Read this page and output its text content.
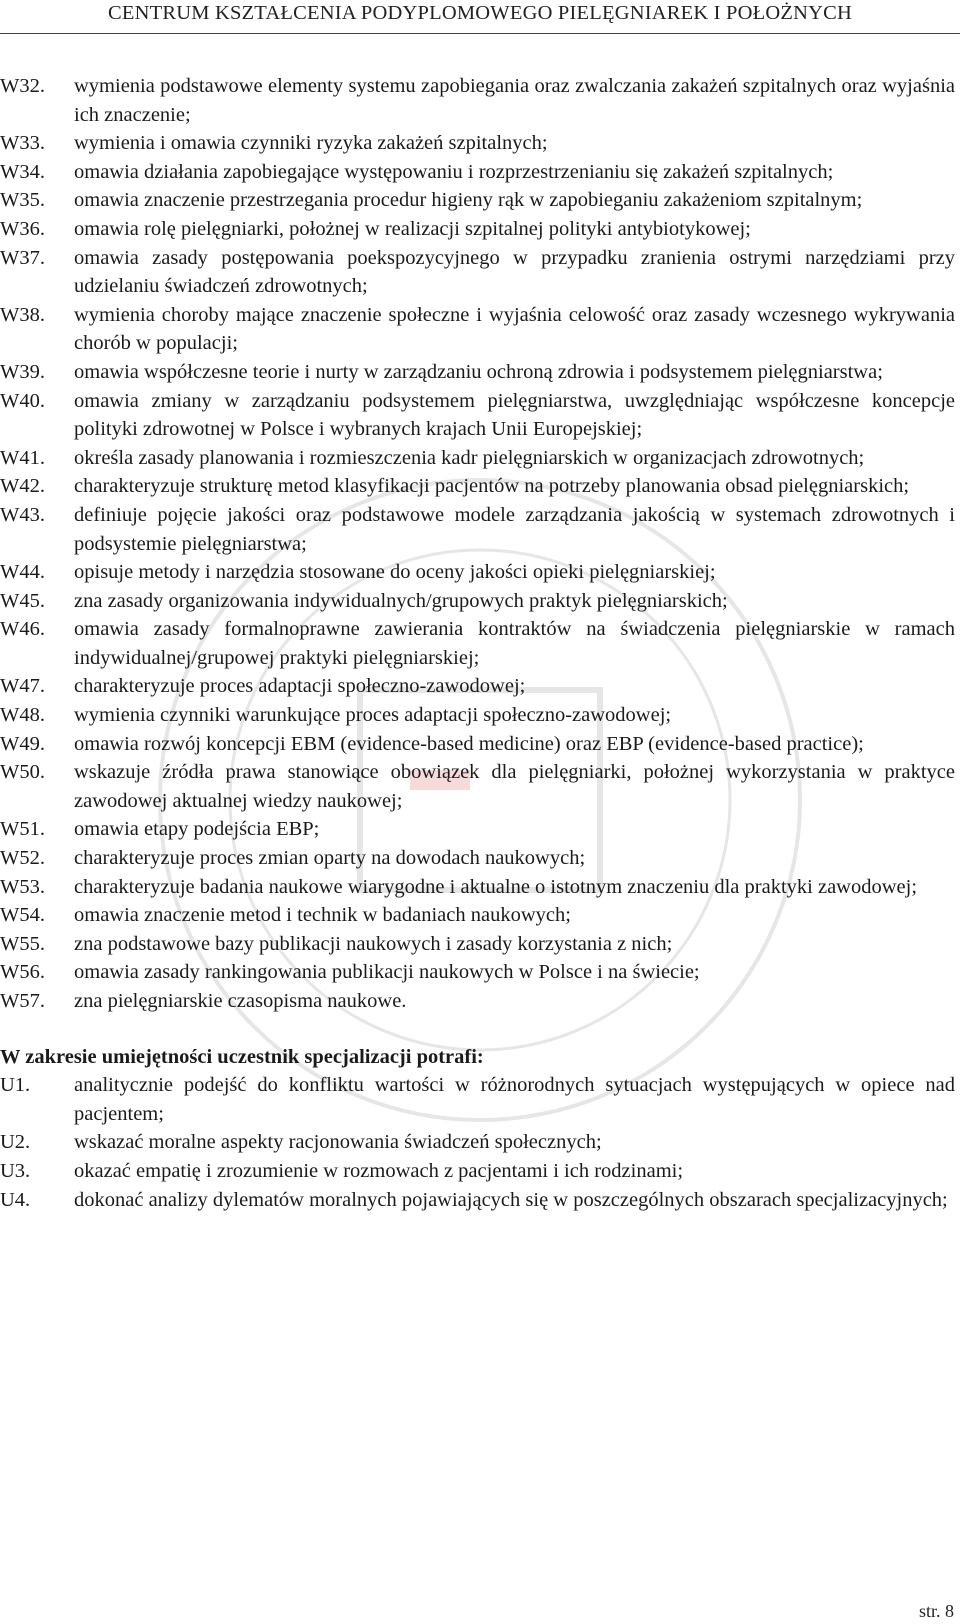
CENTRUM KSZTAŁCENIA PODYPLOMOWEGO PIELĘGNIAREK I POŁOŻNYCH
W32.	wymienia podstawowe elementy systemu zapobiegania oraz zwalczania zakażeń szpitalnych oraz wyjaśnia ich znaczenie;
W33.	wymienia i omawia czynniki ryzyka zakażeń szpitalnych;
W34.	omawia działania zapobiegające występowaniu i rozprzestrzenianiu się zakażeń szpitalnych;
W35.	omawia znaczenie przestrzegania procedur higieny rąk w zapobieganiu zakażeniom szpitalnym;
W36.	omawia rolę pielęgniarki, położnej w realizacji szpitalnej polityki antybiotykowej;
W37.	omawia zasady postępowania poekspozycyjnego w przypadku zranienia ostrymi narzędziami przy udzielaniu świadczeń zdrowotnych;
W38.	wymienia choroby mające znaczenie społeczne i wyjaśnia celowość oraz zasady wczesnego wykrywania chorób w populacji;
W39.	omawia współczesne teorie i nurty w zarządzaniu ochroną zdrowia i podsystemem pielęgniarstwa;
W40.	omawia zmiany w zarządzaniu podsystemem pielęgniarstwa, uwzględniając współczesne koncepcje polityki zdrowotnej w Polsce i wybranych krajach Unii Europejskiej;
W41.	określa zasady planowania i rozmieszczenia kadr pielęgniarskich w organizacjach zdrowotnych;
W42.	charakteryzuje strukturę metod klasyfikacji pacjentów na potrzeby planowania obsad pielęgniarskich;
W43.	definiuje pojęcie jakości oraz podstawowe modele zarządzania jakością w systemach zdrowotnych i podsystemie pielęgniarstwa;
W44.	opisuje metody i narzędzia stosowane do oceny jakości opieki pielęgniarskiej;
W45.	zna zasady organizowania indywidualnych/grupowych praktyk pielęgniarskich;
W46.	omawia zasady formalnoprawne zawierania kontraktów na świadczenia pielęgniarskie w ramach indywidualnej/grupowej praktyki pielęgniarskiej;
W47.	charakteryzuje proces adaptacji społeczno-zawodowej;
W48.	wymienia czynniki warunkujące proces adaptacji społeczno-zawodowej;
W49.	omawia rozwój koncepcji EBM (evidence-based medicine) oraz EBP (evidence-based practice);
W50.	wskazuje źródła prawa stanowiące obowiązek dla pielęgniarki, położnej wykorzystania w praktyce zawodowej aktualnej wiedzy naukowej;
W51.	omawia etapy podejścia EBP;
W52.	charakteryzuje proces zmian oparty na dowodach naukowych;
W53.	charakteryzuje badania naukowe wiarygodne i aktualne o istotnym znaczeniu dla praktyki zawodowej;
W54.	omawia znaczenie metod i technik w badaniach naukowych;
W55.	zna podstawowe bazy publikacji naukowych i zasady korzystania z nich;
W56.	omawia zasady rankingowania publikacji naukowych w Polsce i na świecie;
W57.	zna pielęgniarskie czasopisma naukowe.
W zakresie umiejętności uczestnik specjalizacji potrafi:
U1.	analitycznie podejść do konfliktu wartości w różnorodnych sytuacjach występujących w opiece nad pacjentem;
U2.	wskazać moralne aspekty racjonowania świadczeń społecznych;
U3.	okazać empatię i zrozumienie w rozmowach z pacjentami i ich rodzinami;
U4.	dokonać analizy dylematów moralnych pojawiających się w poszczególnych obszarach specjalizacyjnych;
str. 8
